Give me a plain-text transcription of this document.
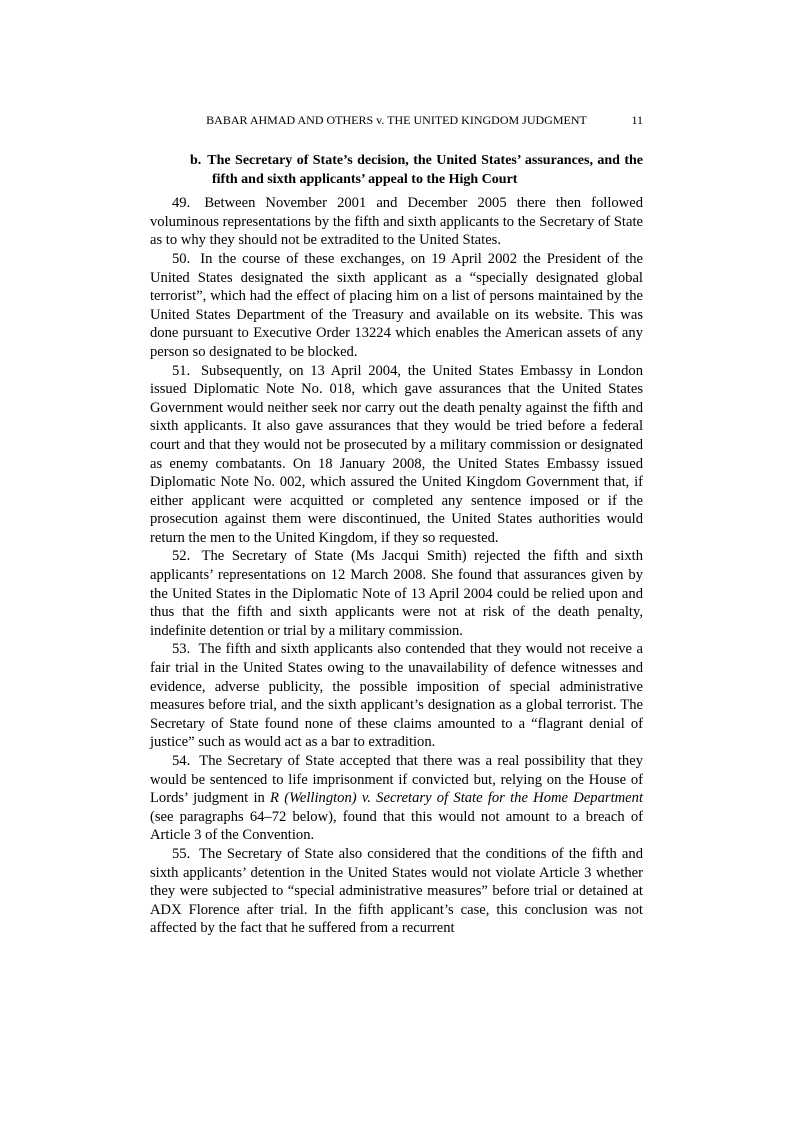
BABAR AHMAD AND OTHERS v. THE UNITED KINGDOM JUDGMENT	11
b. The Secretary of State’s decision, the United States’ assurances, and the fifth and sixth applicants’ appeal to the High Court

49. Between November 2001 and December 2005 there then followed voluminous representations by the fifth and sixth applicants to the Secretary of State as to why they should not be extradited to the United States.

50. In the course of these exchanges, on 19 April 2002 the President of the United States designated the sixth applicant as a “specially designated global terrorist”, which had the effect of placing him on a list of persons maintained by the United States Department of the Treasury and available on its website. This was done pursuant to Executive Order 13224 which enables the American assets of any person so designated to be blocked.

51. Subsequently, on 13 April 2004, the United States Embassy in London issued Diplomatic Note No. 018, which gave assurances that the United States Government would neither seek nor carry out the death penalty against the fifth and sixth applicants. It also gave assurances that they would be tried before a federal court and that they would not be prosecuted by a military commission or designated as enemy combatants. On 18 January 2008, the United States Embassy issued Diplomatic Note No. 002, which assured the United Kingdom Government that, if either applicant were acquitted or completed any sentence imposed or if the prosecution against them were discontinued, the United States authorities would return the men to the United Kingdom, if they so requested.

52. The Secretary of State (Ms Jacqui Smith) rejected the fifth and sixth applicants’ representations on 12 March 2008. She found that assurances given by the United States in the Diplomatic Note of 13 April 2004 could be relied upon and thus that the fifth and sixth applicants were not at risk of the death penalty, indefinite detention or trial by a military commission.

53. The fifth and sixth applicants also contended that they would not receive a fair trial in the United States owing to the unavailability of defence witnesses and evidence, adverse publicity, the possible imposition of special administrative measures before trial, and the sixth applicant’s designation as a global terrorist. The Secretary of State found none of these claims amounted to a “flagrant denial of justice” such as would act as a bar to extradition.

54. The Secretary of State accepted that there was a real possibility that they would be sentenced to life imprisonment if convicted but, relying on the House of Lords’ judgment in R (Wellington) v. Secretary of State for the Home Department (see paragraphs 64–72 below), found that this would not amount to a breach of Article 3 of the Convention.

55. The Secretary of State also considered that the conditions of the fifth and sixth applicants’ detention in the United States would not violate Article 3 whether they were subjected to “special administrative measures” before trial or detained at ADX Florence after trial. In the fifth applicant’s case, this conclusion was not affected by the fact that he suffered from a recurrent
